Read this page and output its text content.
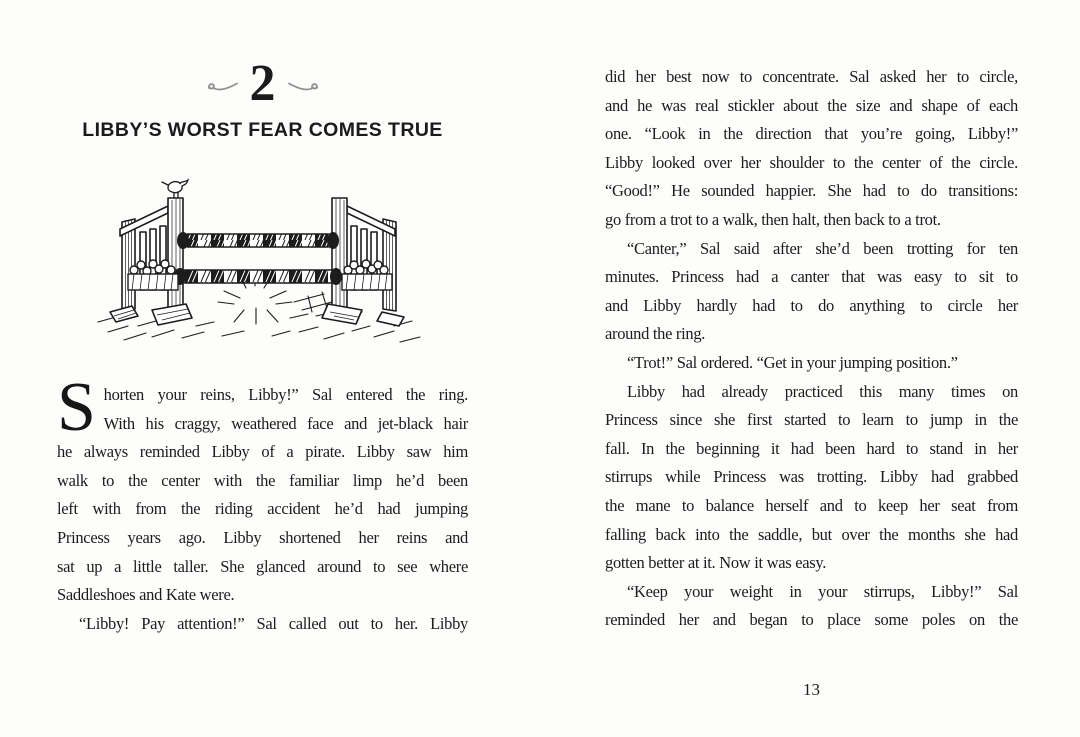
2
LIBBY’S WORST FEAR COMES TRUE
S horten your reins, Libby!” Sal entered the ring.
With his craggy, weathered face and jet-black hair
he always reminded Libby of a pirate. Libby saw him
walk to the center with the familiar limp he’d been
left with from the riding accident he’d had jumping
Princess years ago. Libby shortened her reins and
sat up a little taller. She glanced around to see where
Saddleshoes and Kate were.
“Libby! Pay attention!” Sal called out to her. Libby
did her best now to concentrate. Sal asked her to circle,
and he was real stickler about the size and shape of each
one. “Look in the direction that you’re going, Libby!”
Libby looked over her shoulder to the center of the circle.
“Good!” He sounded happier. She had to do transitions:
go from a trot to a walk, then halt, then back to a trot.
“Canter,” Sal said after she’d been trotting for ten
minutes. Princess had a canter that was easy to sit to
and Libby hardly had to do anything to circle her
around the ring.
“Trot!” Sal ordered. “Get in your jumping position.”
Libby had already practiced this many times on
Princess since she first started to learn to jump in the
fall. In the beginning it had been hard to stand in her
stirrups while Princess was trotting. Libby had grabbed
the mane to balance herself and to keep her seat from
falling back into the saddle, but over the months she had
gotten better at it. Now it was easy.
“Keep your weight in your stirrups, Libby!” Sal
reminded her and began to place some poles on the
13
